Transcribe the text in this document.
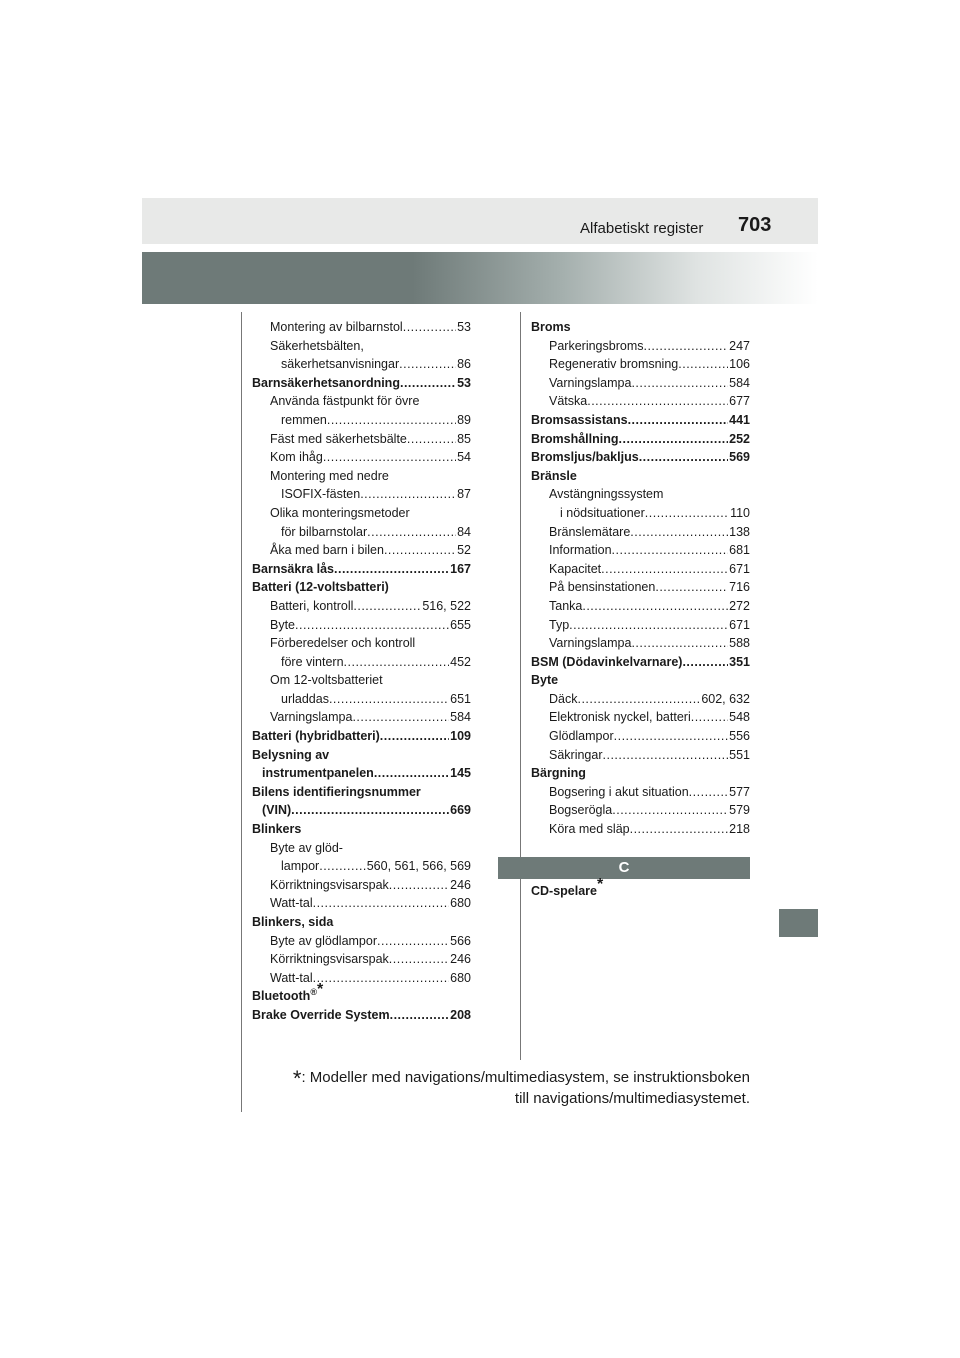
Alfabetiskt register 703
Montering av bilbarnstol .....	53
Säkerhetsbälten,
säkerhetsanvisningar .....	86
Barnsäkerhetsanordning .....	53
Använda fästpunkt för övre
remmen .....	89
Fäst med säkerhetsbälte .....	85
Kom ihåg .....	54
Montering med nedre
ISOFIX-fästen .....	87
Olika monteringsmetoder
för bilbarnstolar .....	84
Åka med barn i bilen .....	52
Barnsäkra lås .....	167
Batteri (12-voltsbatteri)
Batteri, kontroll .....	516, 522
Byte .....	655
Förberedelser och kontroll
före vintern .....	452
Om 12-voltsbatteriet
urladdas .....	651
Varningslampa .....	584
Batteri (hybridbatteri) .....	109
Belysning av
instrumentpanelen .....	145
Bilens identifieringsnummer
(VIN) .....	669
Blinkers
Byte av glöd-
lampor .....	560, 561, 566, 569
Körriktningsvisarspak .....	246
Watt-tal .....	680
Blinkers, sida
Byte av glödlampor .....	566
Körriktningsvisarspak .....	246
Watt-tal .....	680
Bluetooth®*
Brake Override System .....	208
Broms
Parkeringsbroms .....	247
Regenerativ bromsning .....	106
Varningslampa .....	584
Vätska .....	677
Bromsassistans .....	441
Bromshållning .....	252
Bromsljus/bakljus .....	569
Bränsle
Avstängningssystem
i nödsituationer .....	110
Bränslemätare .....	138
Information .....	681
Kapacitet .....	671
På bensinstationen .....	716
Tanka .....	272
Typ .....	671
Varningslampa .....	588
BSM (Dödavinkelvarnare) .....	351
Byte
Däck .....	602, 632
Elektronisk nyckel, batteri .....	548
Glödlampor .....	556
Säkringar .....	551
Bärgning
Bogsering i akut situation .....	577
Bogserögla .....	579
Köra med släp .....	218
C
CD-spelare*
*: Modeller med navigations/multimediasystem, se instruktionsboken
till navigations/multimediasystemet.
